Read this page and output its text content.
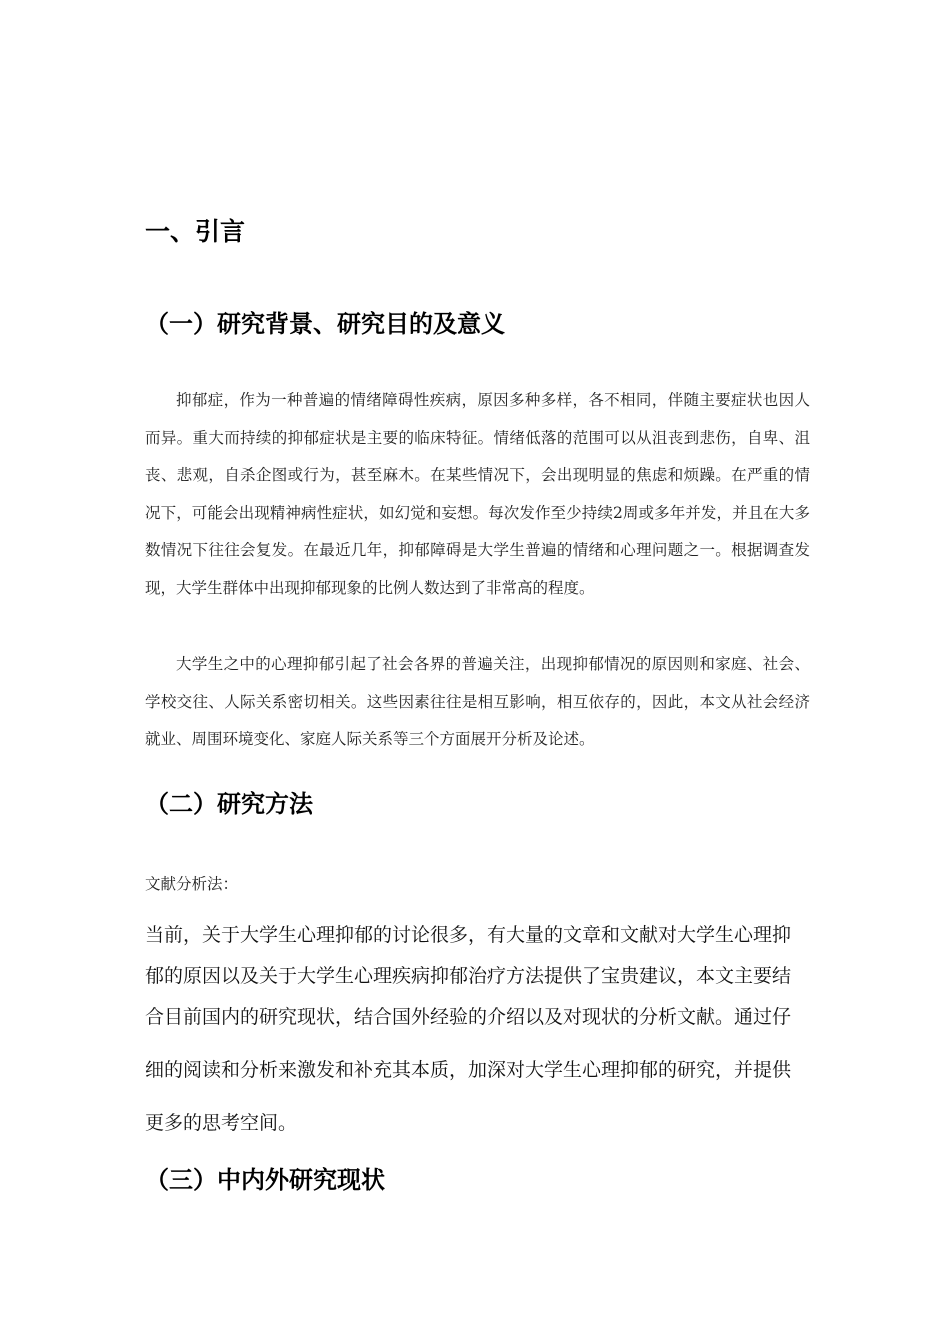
一、引言
（一）研究背景、研究目的及意义

抑郁症，作为一种普遍的情绪障碍性疾病，原因多种多样，各不相同，伴随主要症状也因人而异。重大而持续的抑郁症状是主要的临床特征。情绪低落的范围可以从沮丧到悲伤，自卑、沮丧、悲观，自杀企图或行为，甚至麻木。在某些情况下，会出现明显的焦虑和烦躁。在严重的情况下，可能会出现精神病性症状，如幻觉和妄想。每次发作至少持续2周或多年并发，并且在大多数情况下往往会复发。在最近几年，抑郁障碍是大学生普遍的情绪和心理问题之一。根据调查发现，大学生群体中出现抑郁现象的比例人数达到了非常高的程度。

大学生之中的心理抑郁引起了社会各界的普遍关注，出现抑郁情况的原因则和家庭、社会、学校交往、人际关系密切相关。这些因素往往是相互影响，相互依存的，因此，本文从社会经济就业、周围环境变化、家庭人际关系等三个方面展开分析及论述。

（二）研究方法

文献分析法：

当前，关于大学生心理抑郁的讨论很多，有大量的文章和文献对大学生心理抑
郁的原因以及关于大学生心理疾病抑郁治疗方法提供了宝贵建议，本文主要结
合目前国内的研究现状，结合国外经验的介绍以及对现状的分析文献。通过仔
细的阅读和分析来激发和补充其本质，加深对大学生心理抑郁的研究，并提供
更多的思考空间。
（三）中内外研究现状
